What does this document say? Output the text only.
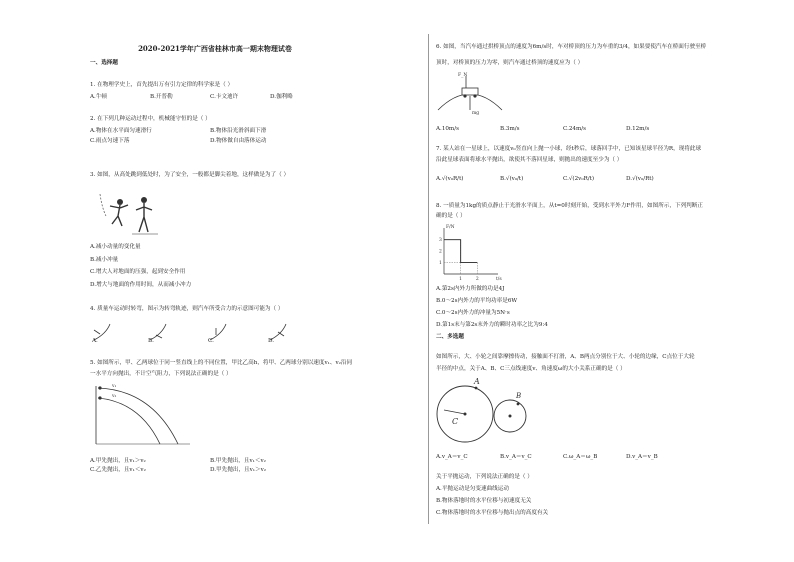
2020-2021学年广西省桂林市高一期末物理试卷
一、选择题
1. 在物理学史上，首先提出万有引力定律的科学家是（ ）
A.牛顿	B.开普勒	C.卡文迪许	D.伽利略
2. 在下列几种运动过程中，机械能守恒的是（ ）
A.物体在水平面匀速滑行	B.物体沿光滑斜面下滑
C.雨点匀速下落	D.物体做自由落体运动
3. 如图，从高处跳到低处时，为了安全，一般都是脚尖着地，这样做是为了（ ）
A.减小动量的变化量
B.减小冲量
C.增大人对地面的压强，起到安全作用
D.增大与地面的作用时间，从而减小冲力
4. 质量车运动时转弯，图示为转弯轨迹，则汽车所受合力的示意图可能为（ ）
A.	B.	C.	D.
5. 如图所示，甲、乙两球位于同一竖直线上的不同位置，甲比乙高h，将甲、乙两球分别以速度v₁、v₂沿同
一水平方向抛出，不计空气阻力，下列说法正确的是（ ）
v₁
v₂
A.甲先抛出，且v₁＞v₂	B.甲先抛出，且v₁＜v₂
C.乙先抛出，且v₁＜v₂	D.甲先抛出，且v₁＞v₂
6. 如图，当汽车通过拱桥顶点的速度为6m/s时，车对桥顶的压力为车重的3/4，如果要使汽车在桥面行驶至桥
顶时，对桥顶的压力为零，则汽车通过桥顶的速度应为（ ）
F_N
mg
A.10m/s	B.3m/s	C.24m/s	D.12m/s
7. 某人站在一星球上，以速度v₀竖直向上抛一小球，经t秒后，球落回手中，已知该星球半径为R，现将此球
沿此星球表面将球水平抛出，欲使其不落回星球，则抛出的速度至少为（ ）
A.√(v₀R/t)	B.√(v₀/t)	C.√(2v₀R/t)	D.√(v₀/Rt)
8. 一质量为1kg的质点静止于光滑水平面上，从t=0时刻开始，受到水平外力F作用，如图所示，下列判断正
确的是（ ）
1	2
1
2
3
t/s
F/N
A.第2s内外力所做的功是4J
B.0～2s内外力的平均功率是6W
C.0～2s内外力的冲量为5N·s
D.第1s末与第2s末外力的瞬时功率之比为9:4
二、多选题
如图所示，大、小轮之间靠摩擦传动，接触面不打滑，A、B两点分别位于大、小轮的边缘，C点位于大轮
半径的中点，关于A、B、C三点线速度v、角速度ω的大小关系正确的是（ ）
A
B
C
A.v_A＝v_C	B.v_A＝v_C	C.ω_A＝ω_B	D.v_A＝v_B
关于平抛运动，下列说法正确的是（ ）
A.平抛运动是匀变速曲线运动
B.物体落地时的水平位移与初速度无关
C.物体落地时的水平位移与抛出点的高度有关
